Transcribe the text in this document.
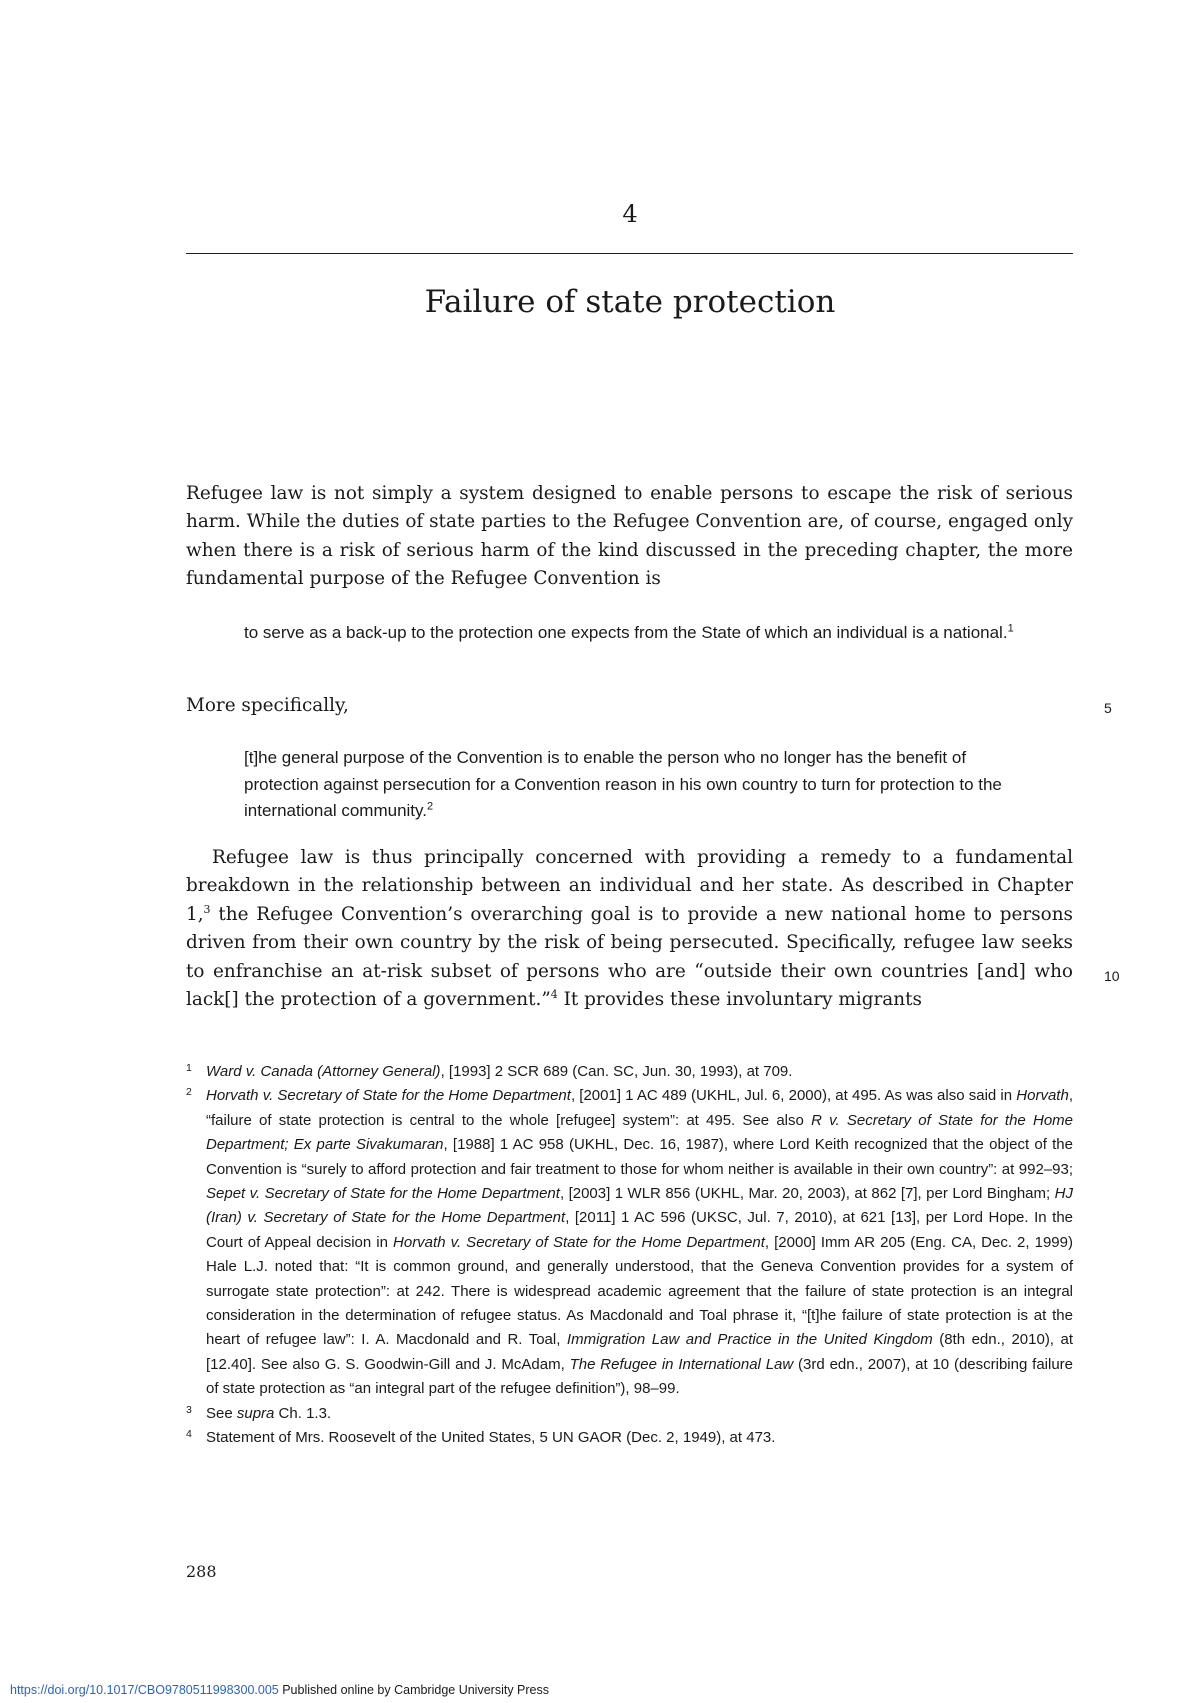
4
Failure of state protection

Refugee law is not simply a system designed to enable persons to escape the risk of serious harm. While the duties of state parties to the Refugee Convention are, of course, engaged only when there is a risk of serious harm of the kind discussed in the preceding chapter, the more fundamental purpose of the Refugee Convention is

to serve as a back-up to the protection one expects from the State of which an individual is a national.$^1$

More specifically,	5

[t]he general purpose of the Convention is to enable the person who no longer has the benefit of protection against persecution for a Convention reason in his own country to turn for protection to the international community.$^2$

Refugee law is thus principally concerned with providing a remedy to a fundamental breakdown in the relationship between an individual and her state. As described in Chapter 1,$^3$ the Refugee Convention’s overarching goal is to provide a new national home to persons driven from their own country by the risk of being persecuted. Specifically, refugee law seeks to enfranchise an at-risk subset of persons who are “outside their own countries [and] who lack[] the protection of a government.”$^4$ It provides these involuntary migrants

10

1 Ward v. Canada (Attorney General), [1993] 2 SCR 689 (Can. SC, Jun. 30, 1993), at 709.

2 Horvath v. Secretary of State for the Home Department, [2001] 1 AC 489 (UKHL, Jul. 6, 2000), at 495. As was also said in Horvath, “failure of state protection is central to the whole [refugee] system”: at 495. See also R v. Secretary of State for the Home Department; Ex parte Sivakumaran, [1988] 1 AC 958 (UKHL, Dec. 16, 1987), where Lord Keith recognized that the object of the Convention is “surely to afford protection and fair treatment to those for whom neither is available in their own country”: at 992–93; Sepet v. Secretary of State for the Home Department, [2003] 1 WLR 856 (UKHL, Mar. 20, 2003), at 862 [7], per Lord Bingham; HJ (Iran) v. Secretary of State for the Home Department, [2011] 1 AC 596 (UKSC, Jul. 7, 2010), at 621 [13], per Lord Hope. In the Court of Appeal decision in Horvath v. Secretary of State for the Home Department, [2000] Imm AR 205 (Eng. CA, Dec. 2, 1999) Hale L.J. noted that: “It is common ground, and generally understood, that the Geneva Convention provides for a system of surrogate state protection”: at 242. There is widespread academic agreement that the failure of state protection is an integral consideration in the determination of refugee status. As Macdonald and Toal phrase it, “[t]he failure of state protection is at the heart of refugee law”: I. A. Macdonald and R. Toal, Immigration Law and Practice in the United Kingdom (8th edn., 2010), at [12.40]. See also G. S. Goodwin-Gill and J. McAdam, The Refugee in International Law (3rd edn., 2007), at 10 (describing failure of state protection as “an integral part of the refugee definition”), 98–99.

3 See supra Ch. 1.3.

4 Statement of Mrs. Roosevelt of the United States, 5 UN GAOR (Dec. 2, 1949), at 473.

288
https://doi.org/10.1017/CBO9780511998300.005 Published online by Cambridge University Press
